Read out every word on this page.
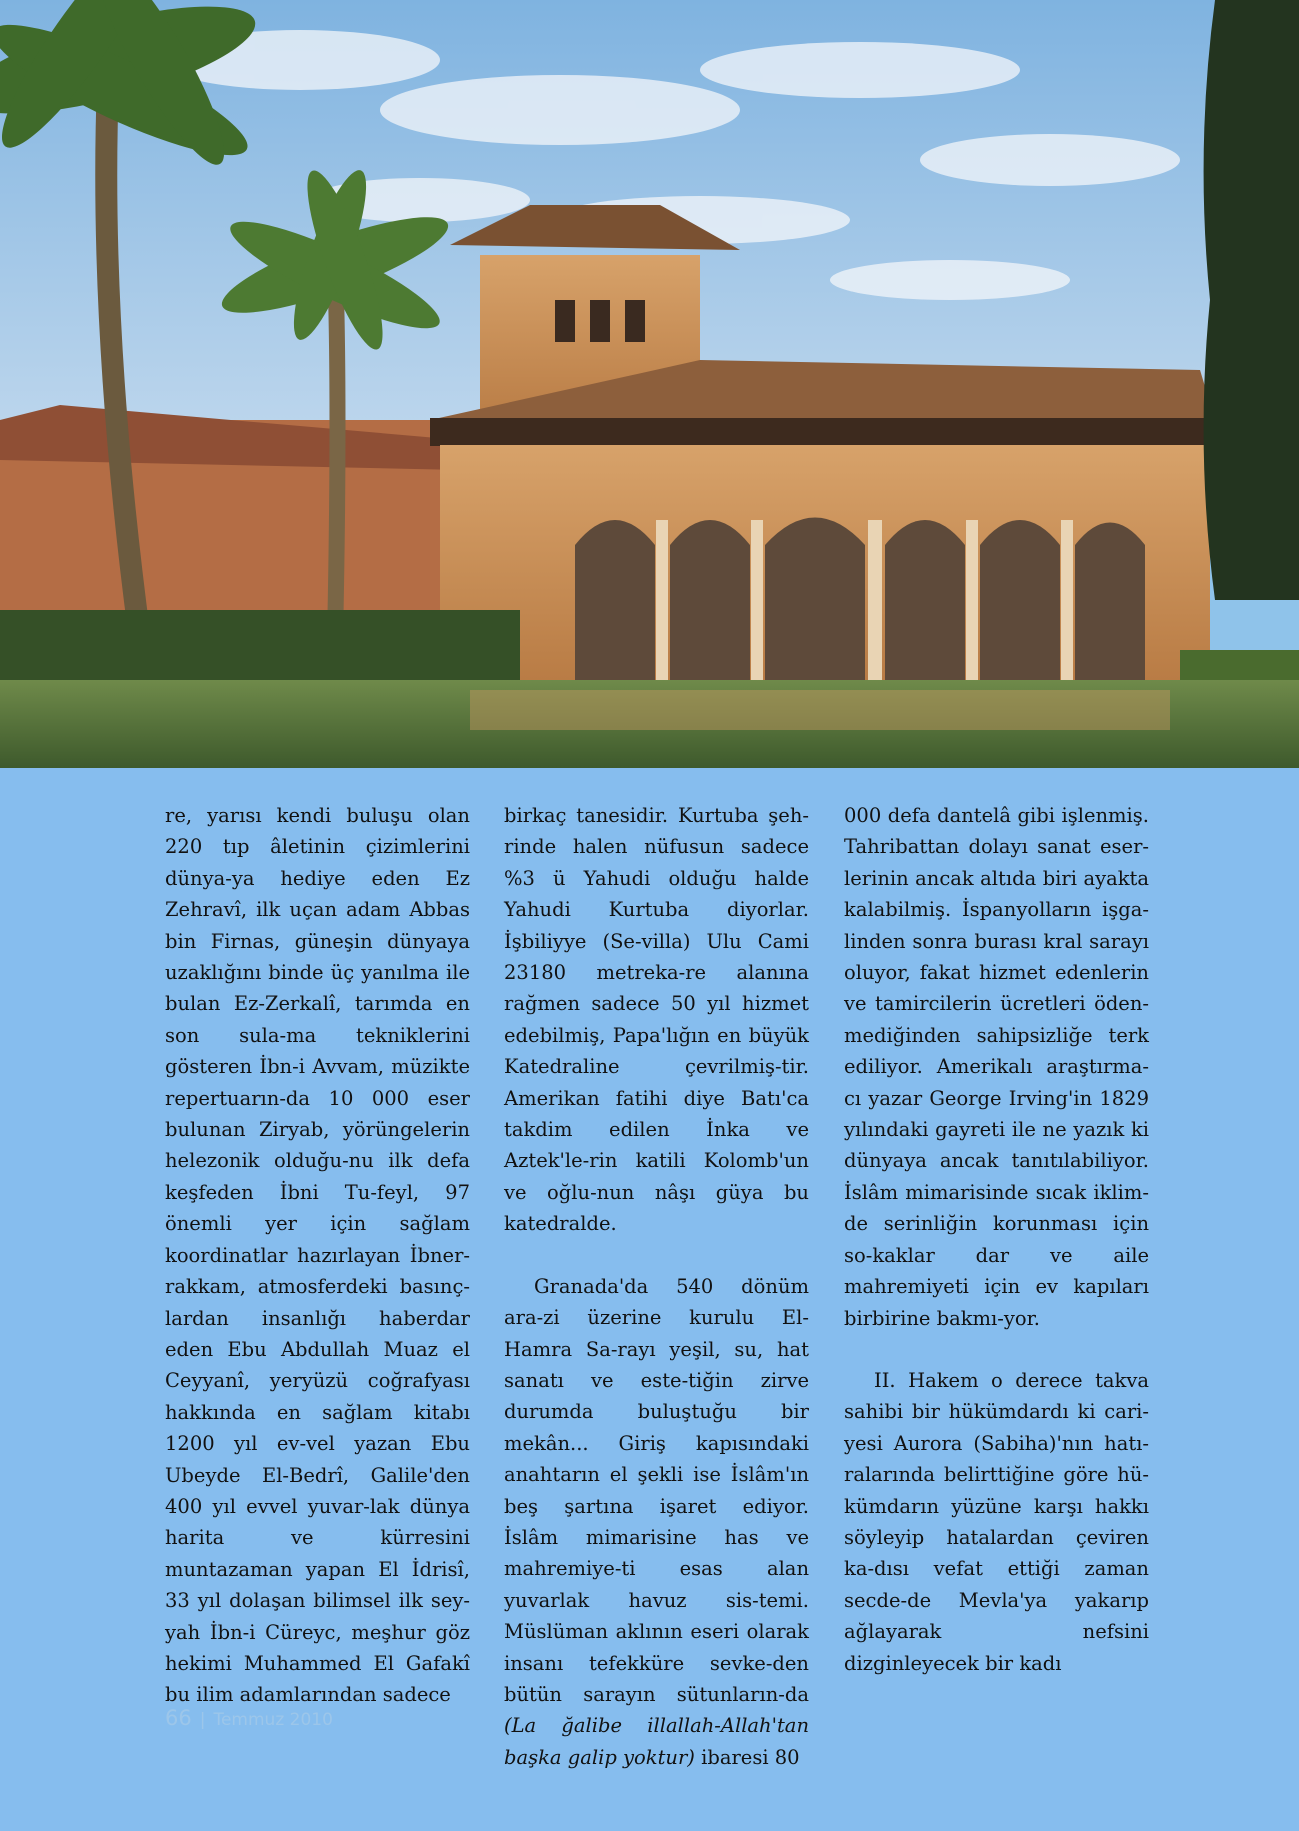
re, yarısı kendi buluşu olan 220 tıp âletinin çizimlerini dünya-ya hediye eden Ez Zehravî, ilk uçan adam Abbas bin Firnas, güneşin dünyaya uzaklığını binde üç yanılma ile bulan Ez-Zerkalî, tarımda en son sula-ma tekniklerini gösteren İbn-i Avvam, müzikte repertuarın-da 10 000 eser bulunan Ziryab, yörüngelerin helezonik olduğu-nu ilk defa keşfeden İbni Tu-feyl, 97 önemli yer için sağlam koordinatlar hazırlayan İbner-rakkam, atmosferdeki basınç-lardan insanlığı haberdar eden Ebu Abdullah Muaz el Ceyyanî, yeryüzü coğrafyası hakkında en sağlam kitabı 1200 yıl ev-vel yazan Ebu Ubeyde El-Bedrî, Galile'den 400 yıl evvel yuvar-lak dünya harita ve kürresini muntazaman yapan El İdrisî, 33 yıl dolaşan bilimsel ilk sey-yah İbn-i Cüreyc, meşhur göz hekimi Muhammed El Gafakî bu ilim adamlarından sadece

birkaç tanesidir. Kurtuba şeh-rinde halen nüfusun sadece %3 ü Yahudi olduğu halde Yahudi Kurtuba diyorlar. İşbiliyye (Se-villa) Ulu Cami 23180 metreka-re alanına rağmen sadece 50 yıl hizmet edebilmiş, Papa'lığın en büyük Katedraline çevrilmiş-tir. Amerikan fatihi diye Batı'ca takdim edilen İnka ve Aztek'le-rin katili Kolomb'un ve oğlu-nun nâşı güya bu katedralde.

Granada'da 540 dönüm ara-zi üzerine kurulu El-Hamra Sa-rayı yeşil, su, hat sanatı ve este-tiğin zirve durumda buluştuğu bir mekân... Giriş kapısındaki anahtarın el şekli ise İslâm'ın beş şartına işaret ediyor. İslâm mimarisine has ve mahremiye-ti esas alan yuvarlak havuz sis-temi. Müslüman aklının eseri olarak insanı tefekküre sevke-den bütün sarayın sütunların-da (La ğalibe illallah-Allah'tan başka galip yoktur) ibaresi 80

000 defa dantelâ gibi işlenmiş. Tahribattan dolayı sanat eser-lerinin ancak altıda biri ayakta kalabilmiş. İspanyolların işga-linden sonra burası kral sarayı oluyor, fakat hizmet edenlerin ve tamircilerin ücretleri öden-mediğinden sahipsizliğe terk ediliyor. Amerikalı araştırma-cı yazar George Irving'in 1829 yılındaki gayreti ile ne yazık ki dünyaya ancak tanıtılabiliyor. İslâm mimarisinde sıcak iklim-de serinliğin korunması için so-kaklar dar ve aile mahremiyeti için ev kapıları birbirine bakmı-yor.

II. Hakem o derece takva sahibi bir hükümdardı ki cari-yesi Aurora (Sabiha)'nın hatı-ralarında belirttiğine göre hü-kümdarın yüzüne karşı hakkı söyleyip hatalardan çeviren ka-dısı vefat ettiği zaman secde-de Mevla'ya yakarıp ağlayarak nefsini dizginleyecek bir kadı

66 | Temmuz 2010
